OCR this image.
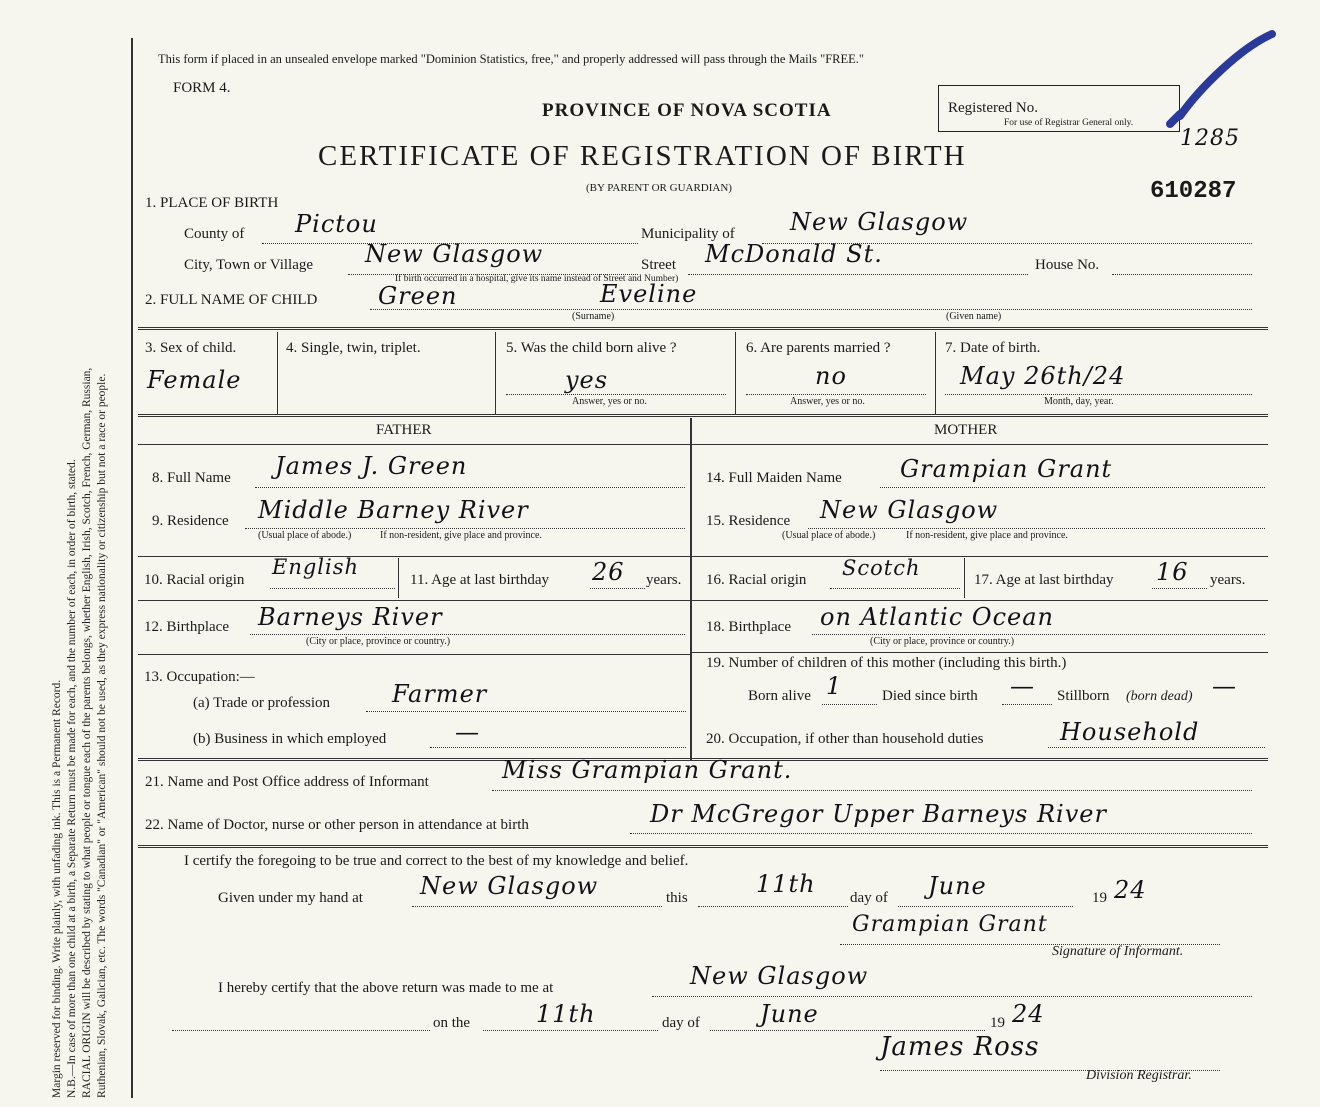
Margin reserved for binding. Write plainly, with unfading ink. This is a Permanent Record. N.B.—In case of more than one child at a birth, a Separate Return must be made for each, and the number of each, in order of birth, stated. RACIAL ORIGIN will be described by stating to what people or tongue each of the parents belongs, whether English, Irish, Scotch, French, German, Russian, Ruthenian, Slovak, Galician, etc. The words "Canadian" or "American" should not be used, as they express nationality or citizenship but not a race or people.
This form if placed in an unsealed envelope marked "Dominion Statistics, free," and properly addressed will pass through the Mails "FREE."
FORM 4.
PROVINCE OF NOVA SCOTIA
CERTIFICATE OF REGISTRATION OF BIRTH
(BY PARENT OR GUARDIAN)
Registered No.
For use of Registrar General only.
1285
610287
1. PLACE OF BIRTH
County of Pictou	Municipality of New Glasgow
City, Town or Village New Glasgow	Street McDonald St.
If birth occurred in a hospital, give its name instead of Street and Number)
House No.
2. FULL NAME OF CHILD	Green	Eveline
(Surname)	(Given name)
3. Sex of child.
Female
4. Single, twin, triplet.	5. Was the child born alive ?
yes
Answer, yes or no.
6. Are parents married ?
no
Answer, yes or no.
7. Date of birth.
May 26th/24
Month, day, year.
FATHER	MOTHER
8. Full Name James J. Green
9. Residence Middle Barney River
(Usual place of abode.)	If non-resident, give place and province.
10. Racial origin
English
11. Age at last birthday 26 years.
12. Birthplace Barneys River
(City or place, province or country.)
13. Occupation:—
(a) Trade or profession	Farmer
(b) Business in which employed	—
14. Full Maiden Name Grampian Grant
15. Residence New Glasgow
(Usual place of abode.)	If non-resident, give place and province.
16. Racial origin Scotch	17. Age at last birthday 16 years.
18. Birthplace on Atlantic Ocean
(City or place, province or country.)
19. Number of children of this mother (including this birth.)
Born alive 1	Died since birth — Stillborn (born dead) —
20. Occupation, if other than household duties	Household
21. Name and Post Office address of Informant	Miss Grampian Grant.
22. Name of Doctor, nurse or other person in attendance at birth	Dr McGregor Upper Barneys River
I certify the foregoing to be true and correct to the best of my knowledge and belief.
Given under my hand at New Glasgow	this	11th day of June	19 24
Grampian Grant
Signature of Informant.
I hereby certify that the above return was made to me at	New Glasgow
on the	11th	day of	June	19 24
James Ross
Division Registrar.
